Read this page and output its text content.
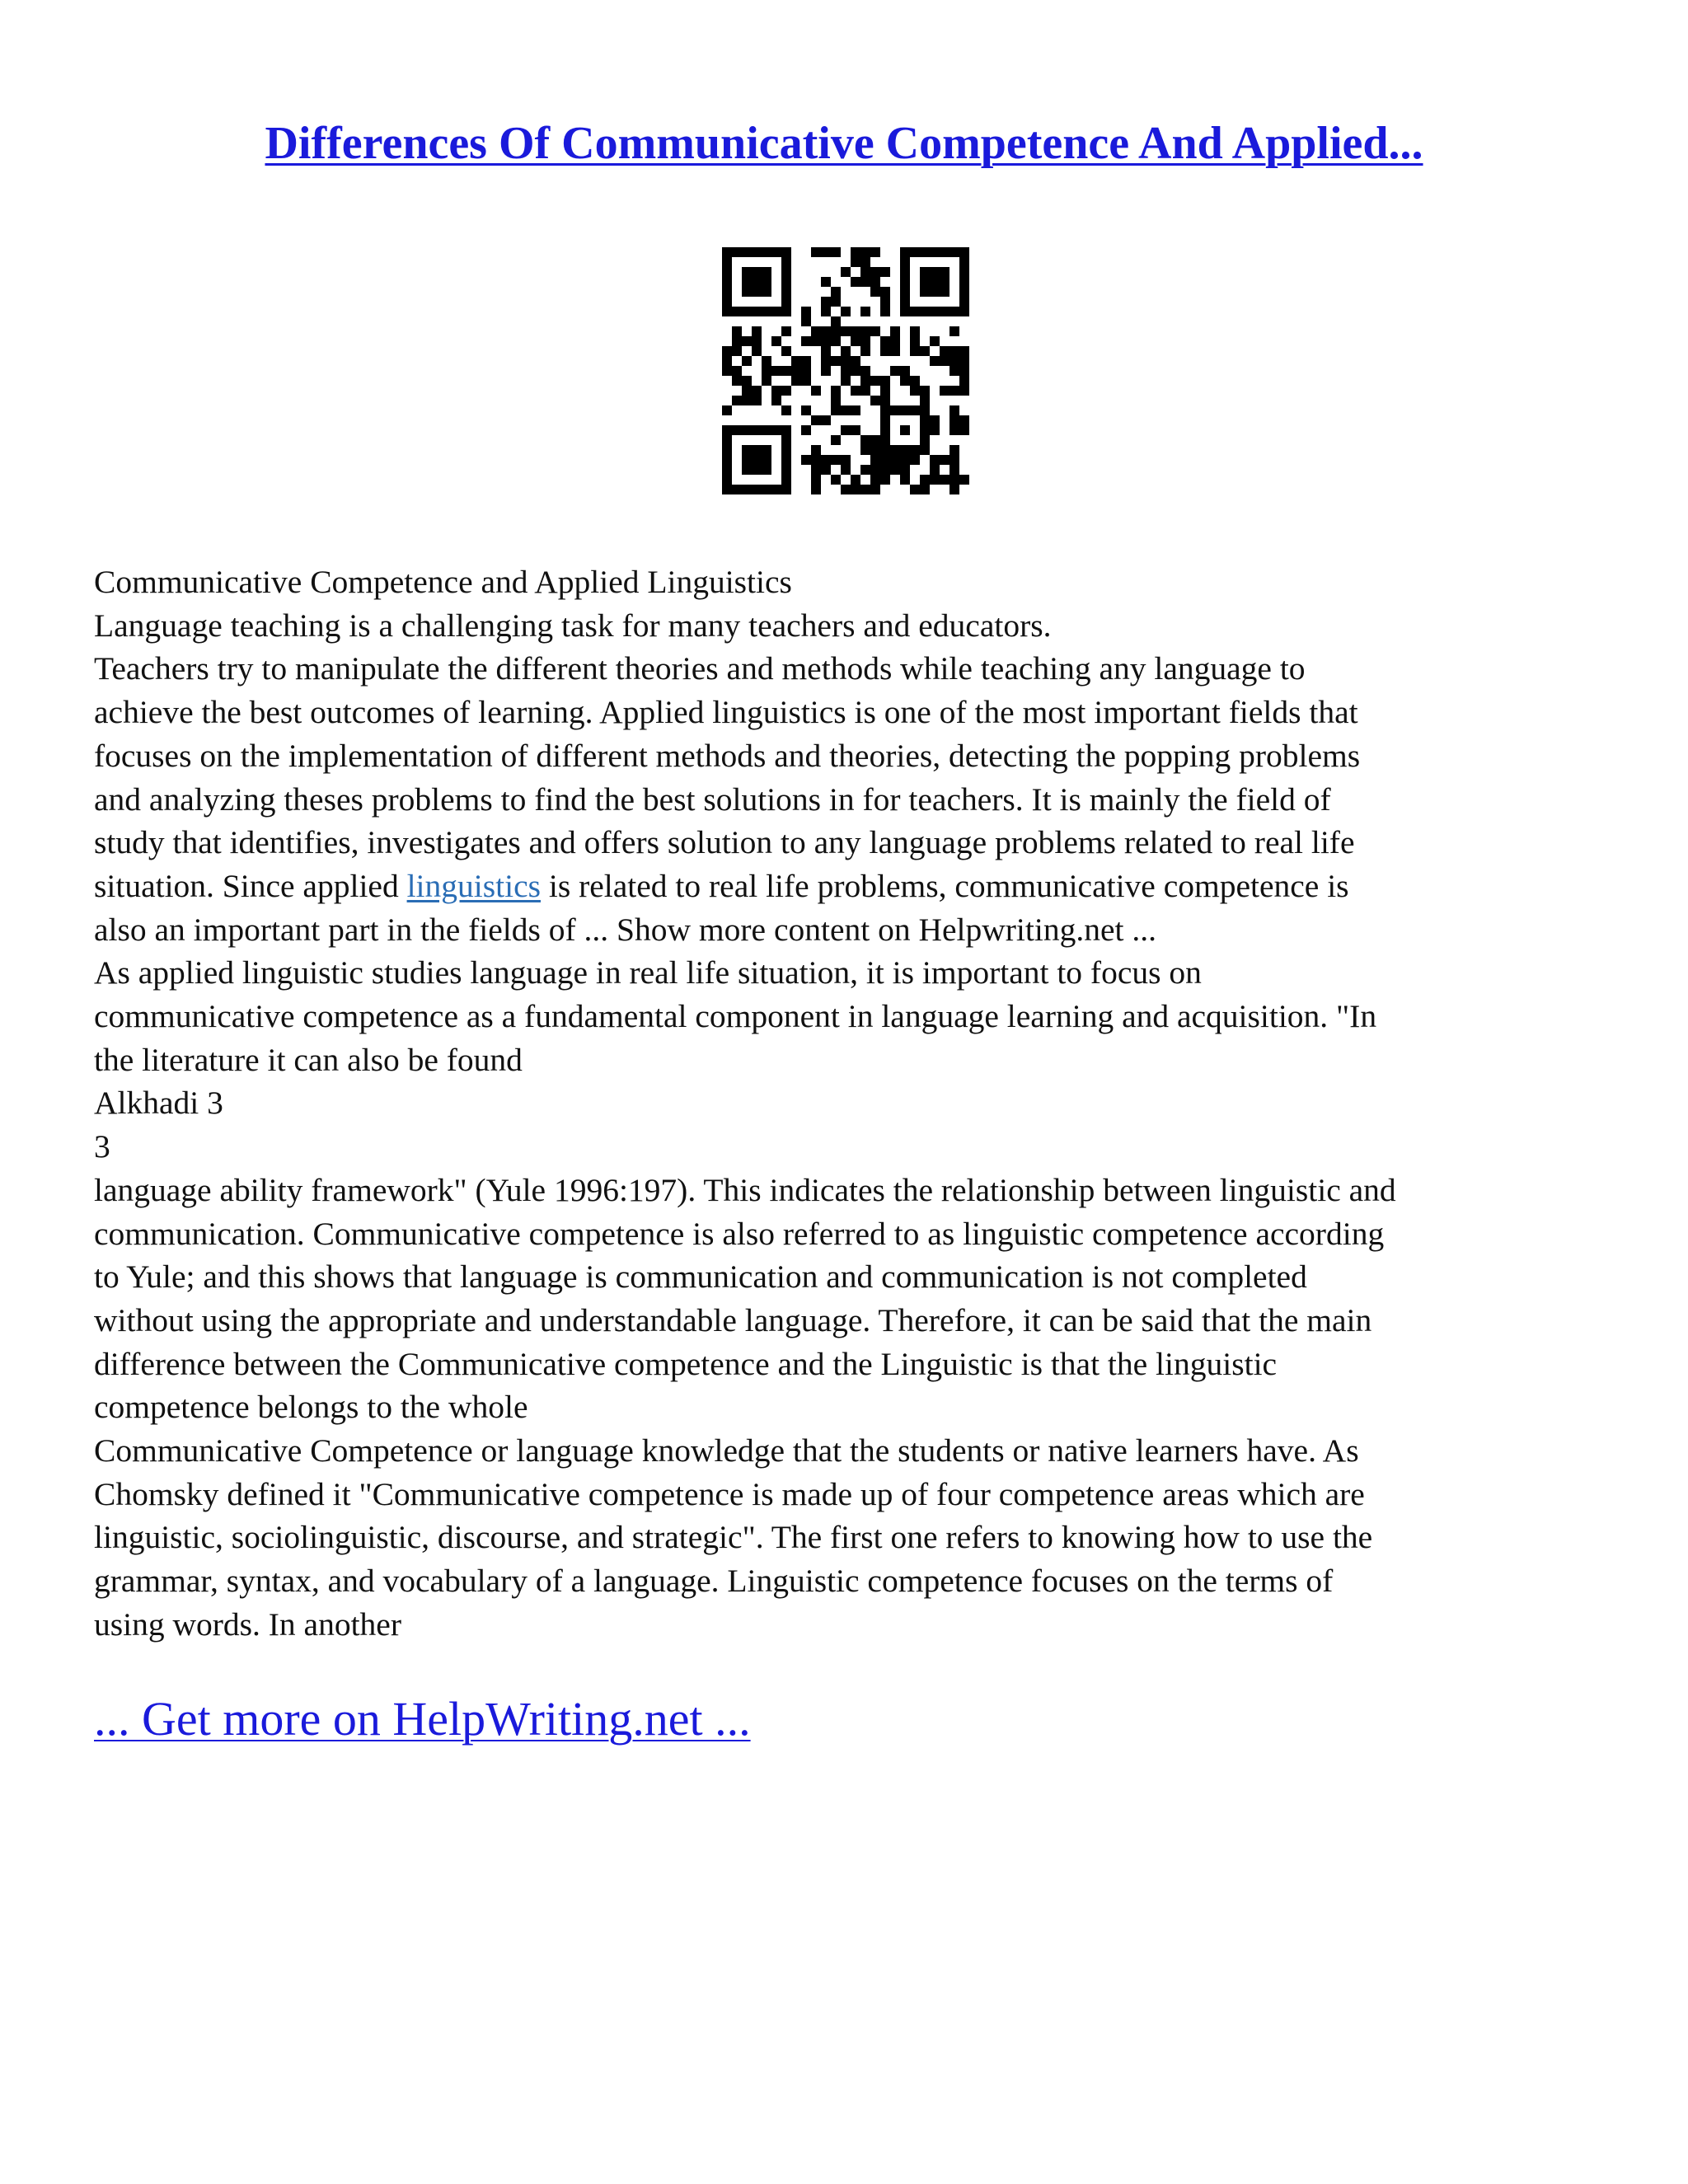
Differences Of Communicative Competence And Applied...
Communicative Competence and Applied Linguistics
Language teaching is a challenging task for many teachers and educators.
Teachers try to manipulate the different theories and methods while teaching any language to
achieve the best outcomes of learning. Applied linguistics is one of the most important fields that
focuses on the implementation of different methods and theories, detecting the popping problems
and analyzing theses problems to find the best solutions in for teachers. It is mainly the field of
study that identifies, investigates and offers solution to any language problems related to real life
situation. Since applied linguistics is related to real life problems, communicative competence is
also an important part in the fields of ... Show more content on Helpwriting.net ...
As applied linguistic studies language in real life situation, it is important to focus on
communicative competence as a fundamental component in language learning and acquisition. "In
the literature it can also be found
Alkhadi 3
3
language ability framework" (Yule 1996:197). This indicates the relationship between linguistic and
communication. Communicative competence is also referred to as linguistic competence according
to Yule; and this shows that language is communication and communication is not completed
without using the appropriate and understandable language. Therefore, it can be said that the main
difference between the Communicative competence and the Linguistic is that the linguistic
competence belongs to the whole
Communicative Competence or language knowledge that the students or native learners have. As
Chomsky defined it "Communicative competence is made up of four competence areas which are
linguistic, sociolinguistic, discourse, and strategic". The first one refers to knowing how to use the
grammar, syntax, and vocabulary of a language. Linguistic competence focuses on the terms of
using words. In another

... Get more on HelpWriting.net ...
